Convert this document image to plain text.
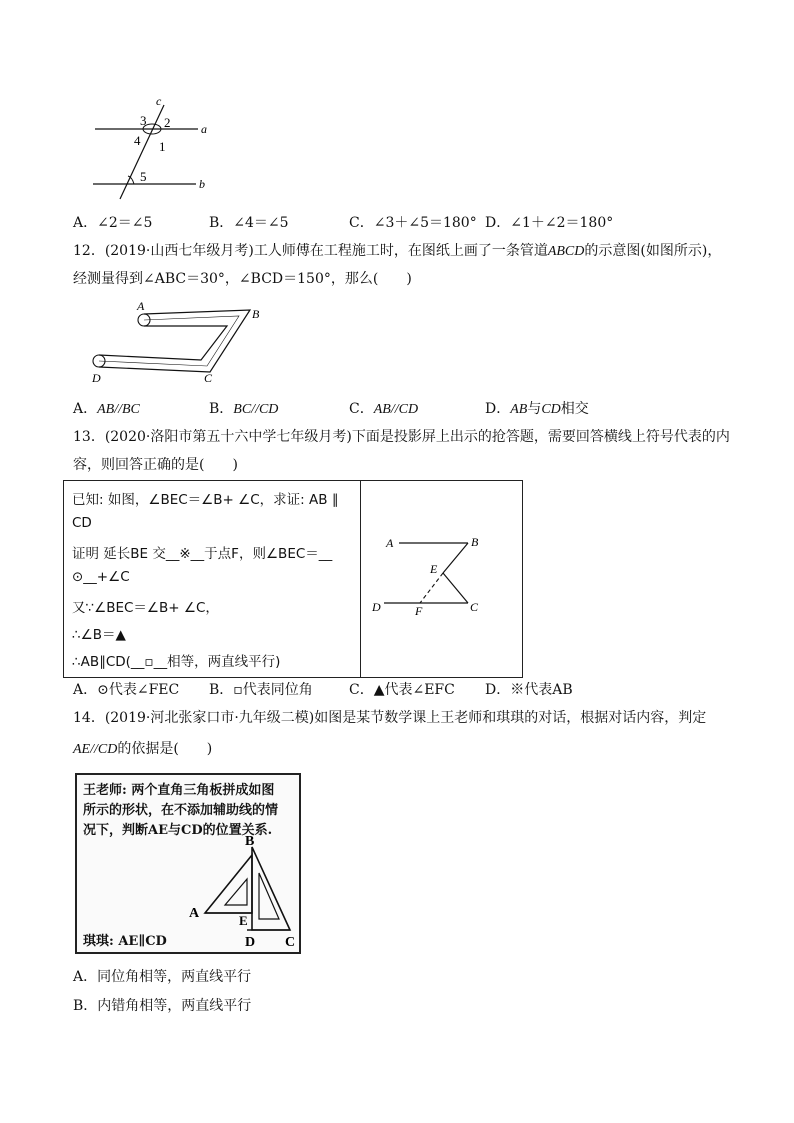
c
3 2	a
4 1
5	b
A．∠2＝∠5	B．∠4＝∠5	C．∠3＋∠5＝180° D．∠1＋∠2＝180°
12．(2019·山西七年级月考)工人师傅在工程施工时，在图纸上画了一条管道ABCD的示意图(如图所示)，
经测量得到∠ABC＝30°，∠BCD＝150°，那么(　　)
A
B
D	C
A．AB//BC	B．BC//CD	C．AB//CD	D．AB与CD相交
13．(2020·洛阳市第五十六中学七年级月考)下面是投影屏上出示的抢答题，需要回答横线上符号代表的内
容，则回答正确的是(　　)
已知: 如图，∠BEC＝∠B+ ∠C，求证: AB ∥
CD
证明 延长BE 交__※__于点F，则∠BEC＝__
⊙__+∠C
又∵∠BEC＝∠B+ ∠C，
∴∠B＝▲
∴AB∥CD(__▫__相等，两直线平行)
A	B
E
D	F	C
A．⊙代表∠FEC B．▫代表同位角	C．▲代表∠EFC D．※代表AB
14．(2019·河北张家口市·九年级二模)如图是某节数学课上王老师和琪琪的对话，根据对话内容，判定
AE//CD的依据是(　　)
王老师: 两个直角三角板拼成如图
所示的形状，在不添加辅助线的情
况下，判断AE与CD的位置关系.
B
A	E
D C
琪琪: AE∥CD
A．同位角相等，两直线平行
B．内错角相等，两直线平行
